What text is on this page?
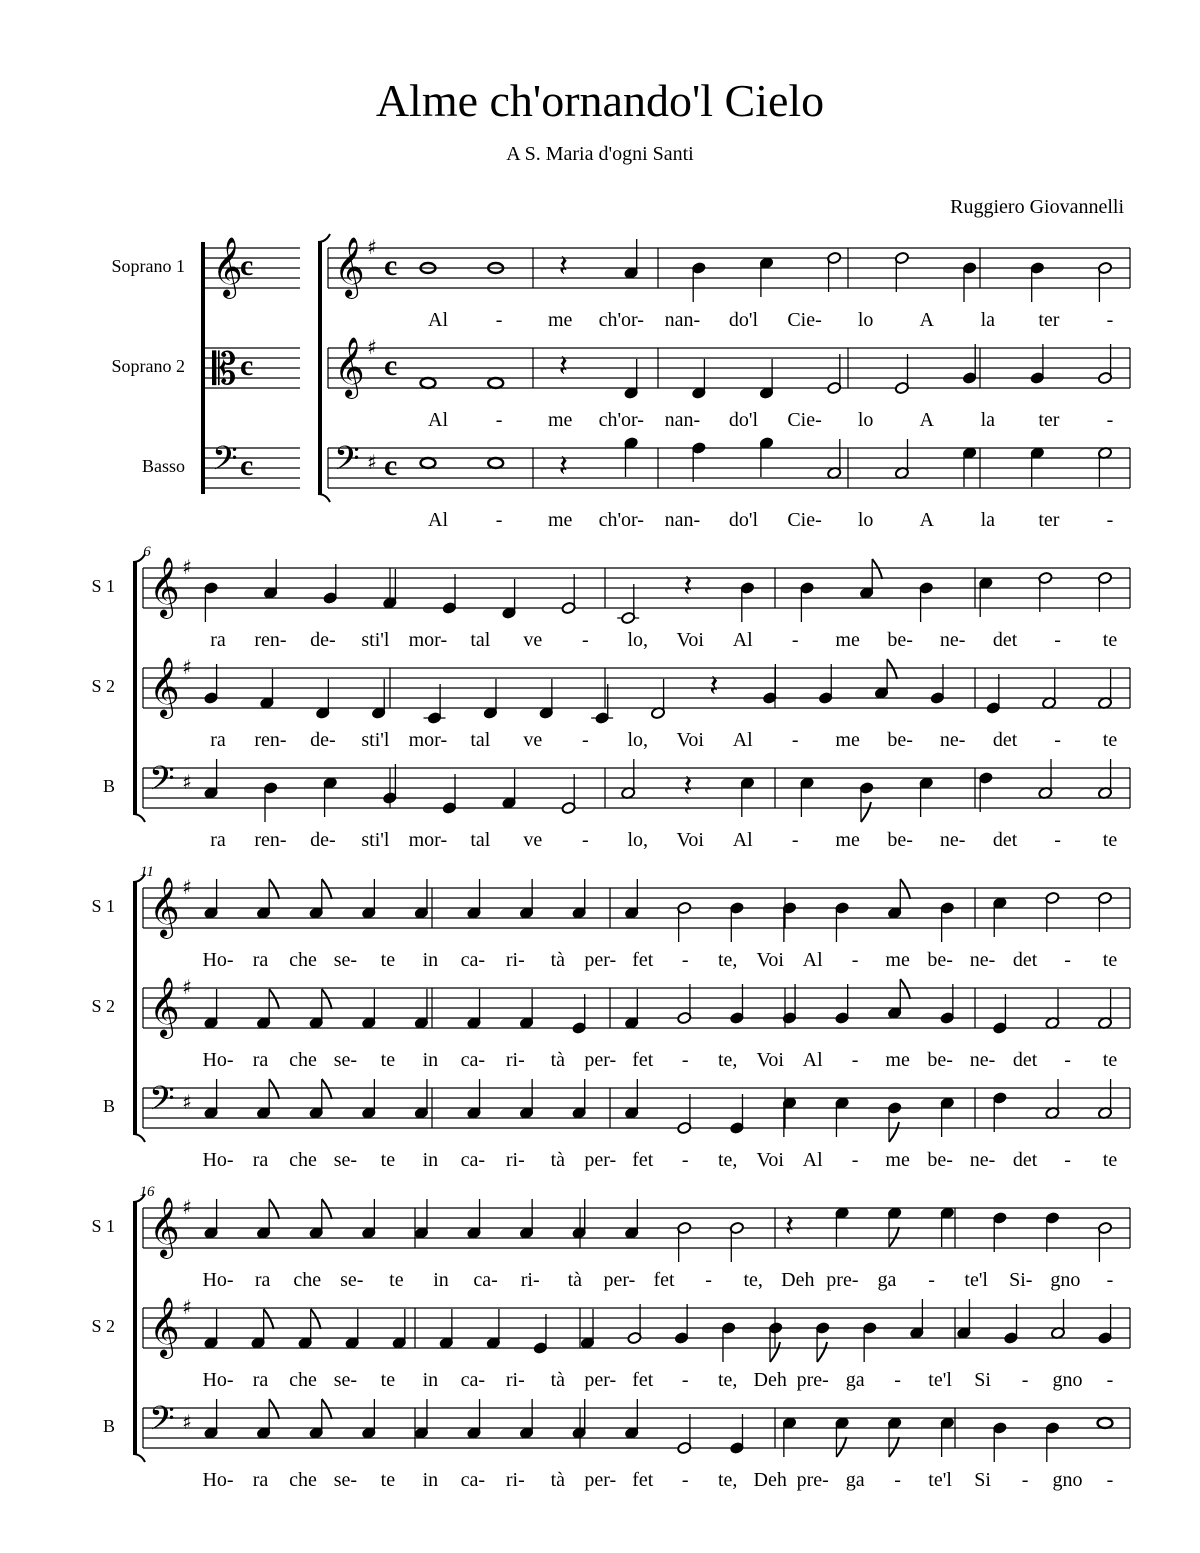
Alme ch'ornando'l Cielo
A S. Maria d'ogni Santi
Ruggiero Giovannelli
𝄞 ♯
c
Soprano 1	𝄽
Al - me ch'or- nan- do'l Cie- lo A la ter -
𝄞 ♯
c
Soprano 2	𝄽
Al - me ch'or- nan- do'l Cie- lo A la ter -
𝄢 ♯ c
Basso	𝄽
Al - me ch'or- nan- do'l Cie- lo A la ter -
𝄞
c
𝄡 c
𝄢 c
6
𝄞 ♯
S 1	𝄽
ra ren- de- sti'l mor- tal ve - lo, Voi Al - me be- ne- det - te
𝄞 ♯
S 2	𝄽
ra ren- de- sti'l mor- tal ve - lo, Voi Al - me be- ne- det - te
𝄢 ♯
B	𝄽
ra ren- de- sti'l mor- tal ve - lo, Voi Al - me be- ne- det - te
11
𝄞 ♯
S 1
Ho- ra che se- te in ca- ri- tà per- fet - te, Voi Al - me be- ne- det - te
𝄞 ♯
S 2
Ho- ra che se- te in ca- ri- tà per- fet - te, Voi Al - me be- ne- det - te
𝄢 ♯
B
Ho- ra che se- te in ca- ri- tà per- fet - te, Voi Al - me be- ne- det - te
16
𝄞 ♯
S 1	𝄽
Ho- ra che se- te in ca- ri- tà per- fet - te, Deh pre- ga - te'l Si- gno -
𝄞 ♯
S 2
Ho- ra che se- te in ca- ri- tà per- fet - te, Deh pre- ga - te'l Si - gno -
𝄢 ♯
B
Ho- ra che se- te in ca- ri- tà per- fet - te, Deh pre- ga - te'l Si - gno -
